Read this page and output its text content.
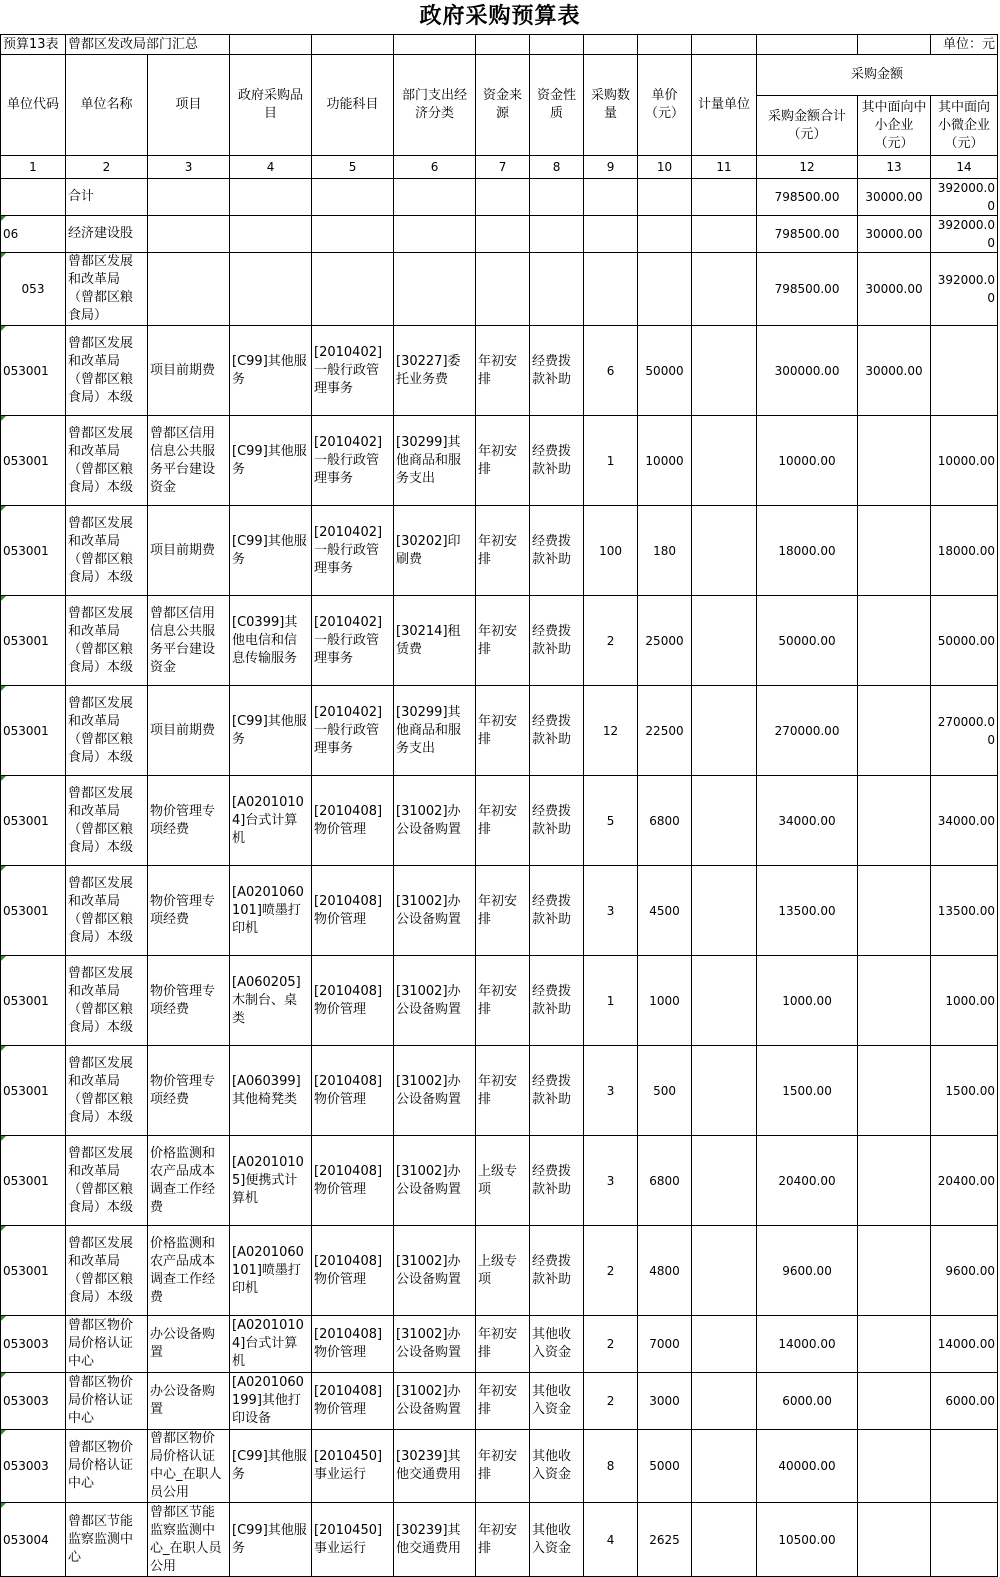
政府采购预算表
预算13表	曾都区发改局部门汇总												单位：元
单位代码	单位名称	项目	政府采购品目	功能科目	部门支出经济分类	资金来源	资金性质	采购数量	单价（元）	计量单位	采购金额		
											采购金额合计（元）	其中面向中小企业（元）	其中面向小微企业（元）
1	2	3	4	5	6	7	8	9	10	11	12	13	14
	合计										798500.00	30000.00	392000.00
06	经济建设股										798500.00	30000.00	392000.00
053	曾都区发展和改革局（曾都区粮食局）										798500.00	30000.00	392000.00
053001	曾都区发展和改革局（曾都区粮食局）本级	项目前期费	[C99]其他服务	[2010402]一般行政管理事务	[30227]委托业务费	年初安排	经费拨款补助	6	50000		300000.00	30000.00	
053001	曾都区发展和改革局（曾都区粮食局）本级	曾都区信用信息公共服务平台建设资金	[C99]其他服务	[2010402]一般行政管理事务	[30299]其他商品和服务支出	年初安排	经费拨款补助	1	10000		10000.00		10000.00
053001	曾都区发展和改革局（曾都区粮食局）本级	项目前期费	[C99]其他服务	[2010402]一般行政管理事务	[30202]印刷费	年初安排	经费拨款补助	100	180		18000.00		18000.00
053001	曾都区发展和改革局（曾都区粮食局）本级	曾都区信用信息公共服务平台建设资金	[C0399]其他电信和信息传输服务	[2010402]一般行政管理事务	[30214]租赁费	年初安排	经费拨款补助	2	25000		50000.00		50000.00
053001	曾都区发展和改革局（曾都区粮食局）本级	项目前期费	[C99]其他服务	[2010402]一般行政管理事务	[30299]其他商品和服务支出	年初安排	经费拨款补助	12	22500		270000.00		270000.00
053001	曾都区发展和改革局（曾都区粮食局）本级	物价管理专项经费	[A02010104]台式计算机	[2010408]物价管理	[31002]办公设备购置	年初安排	经费拨款补助	5	6800		34000.00		34000.00
053001	曾都区发展和改革局（曾都区粮食局）本级	物价管理专项经费	[A0201060101]喷墨打印机	[2010408]物价管理	[31002]办公设备购置	年初安排	经费拨款补助	3	4500		13500.00		13500.00
053001	曾都区发展和改革局（曾都区粮食局）本级	物价管理专项经费	[A060205]木制台、桌类	[2010408]物价管理	[31002]办公设备购置	年初安排	经费拨款补助	1	1000		1000.00		1000.00
053001	曾都区发展和改革局（曾都区粮食局）本级	物价管理专项经费	[A060399]其他椅凳类	[2010408]物价管理	[31002]办公设备购置	年初安排	经费拨款补助	3	500		1500.00		1500.00
053001	曾都区发展和改革局（曾都区粮食局）本级	价格监测和农产品成本调查工作经费	[A02010105]便携式计算机	[2010408]物价管理	[31002]办公设备购置	上级专项	经费拨款补助	3	6800		20400.00		20400.00
053001	曾都区发展和改革局（曾都区粮食局）本级	价格监测和农产品成本调查工作经费	[A0201060101]喷墨打印机	[2010408]物价管理	[31002]办公设备购置	上级专项	经费拨款补助	2	4800		9600.00		9600.00
053003	曾都区物价局价格认证中心	办公设备购置	[A02010104]台式计算机	[2010408]物价管理	[31002]办公设备购置	年初安排	其他收入资金	2	7000		14000.00		14000.00
053003	曾都区物价局价格认证中心	办公设备购置	[A0201060199]其他打印设备	[2010408]物价管理	[31002]办公设备购置	年初安排	其他收入资金	2	3000		6000.00		6000.00
053003	曾都区物价局价格认证中心	曾都区物价局价格认证中心_在职人员公用	[C99]其他服务	[2010450]事业运行	[30239]其他交通费用	年初安排	其他收入资金	8	5000		40000.00		
053004	曾都区节能监察监测中心	曾都区节能监察监测中心_在职人员公用	[C99]其他服务	[2010450]事业运行	[30239]其他交通费用	年初安排	其他收入资金	4	2625		10500.00		
